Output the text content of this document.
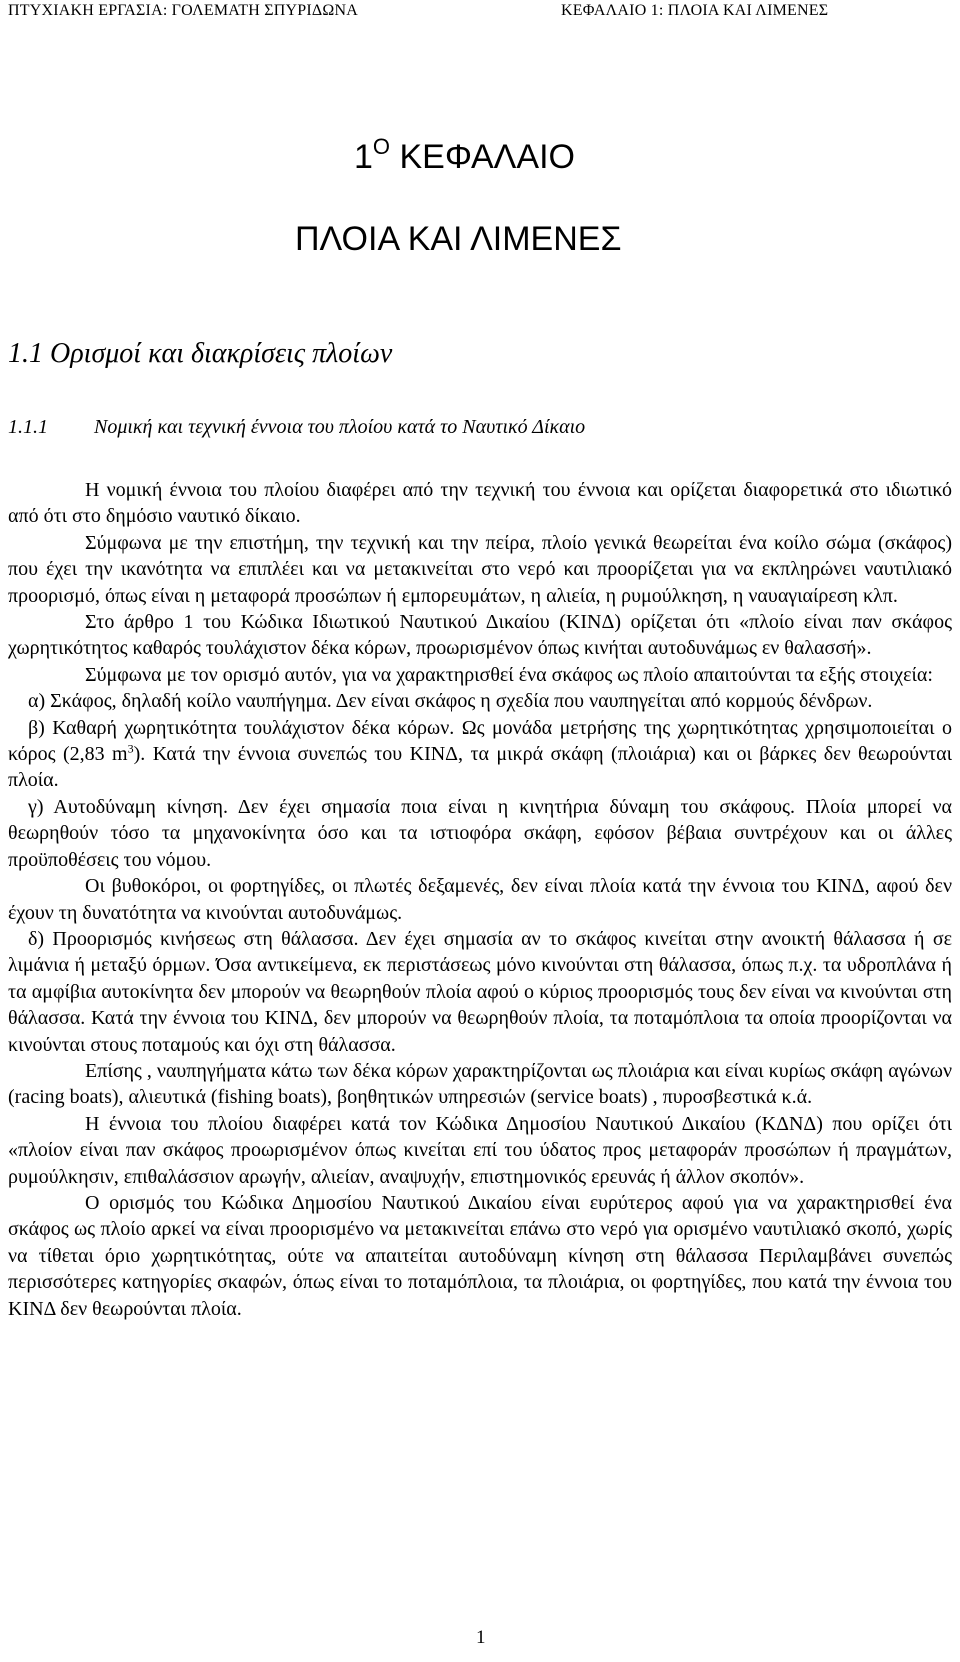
ΠΤΥΧΙΑΚΗ ΕΡΓΑΣΙΑ: ΓΟΛΕΜΑΤΗ ΣΠΥΡΙΔΩΝΑ	ΚΕΦΑΛΑΙΟ 1: ΠΛΟΙΑ ΚΑΙ ΛΙΜΕΝΕΣ
$1^O$ ΚΕΦΑΛΑΙΟ
ΠΛΟΙΑ ΚΑΙ ΛΙΜΕΝΕΣ
1.1 Ορισμοί και διακρίσεις πλοίων
1.1.1 Νομική και τεχνική έννοια του πλοίου κατά το Ναυτικό Δίκαιο

Η νομική έννοια του πλοίου διαφέρει από την τεχνική του έννοια και ορίζεται διαφορετικά στο ιδιωτικό από ότι στο δημόσιο ναυτικό δίκαιο.

Σύμφωνα με την επιστήμη, την τεχνική και την πείρα, πλοίο γενικά θεωρείται ένα κοίλο σώμα (σκάφος) που έχει την ικανότητα να επιπλέει και να μετακινείται στο νερό και προορίζεται για να εκπληρώνει ναυτιλιακό προορισμό, όπως είναι η μεταφορά προσώπων ή εμπορευμάτων, η αλιεία, η ρυμούλκηση, η ναυαγιαίρεση κλπ.

Στο άρθρο 1 του Κώδικα Ιδιωτικού Ναυτικού Δικαίου (ΚΙΝΔ) ορίζεται ότι «πλοίο είναι παν σκάφος χωρητικότητος καθαρός τουλάχιστον δέκα κόρων, προωρισμένον όπως κινήται αυτοδυνάμως εν θαλασσή».

Σύμφωνα με τον ορισμό αυτόν, για να χαρακτηρισθεί ένα σκάφος ως πλοίο απαιτούνται τα εξής στοιχεία:

α) Σκάφος, δηλαδή κοίλο ναυπήγημα. Δεν είναι σκάφος η σχεδία που ναυπηγείται από κορμούς δένδρων.

β) Καθαρή χωρητικότητα τουλάχιστον δέκα κόρων. Ως μονάδα μετρήσης της χωρητικότητας χρησιμοποιείται ο κόρος (2,83 $m^3$). Κατά την έννοια συνεπώς του ΚΙΝΔ, τα μικρά σκάφη (πλοιάρια) και οι βάρκες δεν θεωρούνται πλοία.

γ) Αυτοδύναμη κίνηση. Δεν έχει σημασία ποια είναι η κινητήρια δύναμη του σκάφους. Πλοία μπορεί να θεωρηθούν τόσο τα μηχανοκίνητα όσο και τα ιστιοφόρα σκάφη, εφόσον βέβαια συντρέχουν και οι άλλες προϋποθέσεις του νόμου.

Οι βυθοκόροι, οι φορτηγίδες, οι πλωτές δεξαμενές, δεν είναι πλοία κατά την έννοια του ΚΙΝΔ, αφού δεν έχουν τη δυνατότητα να κινούνται αυτοδυνάμως.

δ) Προορισμός κινήσεως στη θάλασσα. Δεν έχει σημασία αν το σκάφος κινείται στην ανοικτή θάλασσα ή σε λιμάνια ή μεταξύ όρμων. Όσα αντικείμενα, εκ περιστάσεως μόνο κινούνται στη θάλασσα, όπως π.χ. τα υδροπλάνα ή τα αμφίβια αυτοκίνητα δεν μπορούν να θεωρηθούν πλοία αφού ο κύριος προορισμός τους δεν είναι να κινούνται στη θάλασσα. Κατά την έννοια του ΚΙΝΔ, δεν μπορούν να θεωρηθούν πλοία, τα ποταμόπλοια τα οποία προορίζονται να κινούνται στους ποταμούς και όχι στη θάλασσα.

Επίσης , ναυπηγήματα κάτω των δέκα κόρων χαρακτηρίζονται ως πλοιάρια και είναι κυρίως σκάφη αγώνων (racing boats), αλιευτικά (fishing boats), βοηθητικών υπηρεσιών (service boats) , πυροσβεστικά κ.ά.

Η έννοια του πλοίου διαφέρει κατά τον Κώδικα Δημοσίου Ναυτικού Δικαίου (ΚΔΝΔ) που ορίζει ότι «πλοίον είναι παν σκάφος προωρισμένον όπως κινείται επί του ύδατος προς μεταφοράν προσώπων ή πραγμάτων, ρυμούλκησιν, επιθαλάσσιον αρωγήν, αλιείαν, αναψυχήν, επιστημονικός ερευνάς ή άλλον σκοπόν».

Ο ορισμός του Κώδικα Δημοσίου Ναυτικού Δικαίου είναι ευρύτερος αφού για να χαρακτηρισθεί ένα σκάφος ως πλοίο αρκεί να είναι προορισμένο να μετακινείται επάνω στο νερό για ορισμένο ναυτιλιακό σκοπό, χωρίς να τίθεται όριο χωρητικότητας, ούτε να απαιτείται αυτοδύναμη κίνηση στη θάλασσα Περιλαμβάνει συνεπώς περισσότερες κατηγορίες σκαφών, όπως είναι το ποταμόπλοια, τα πλοιάρια, οι φορτηγίδες, που κατά την έννοια του ΚΙΝΔ δεν θεωρούνται πλοία.

1
